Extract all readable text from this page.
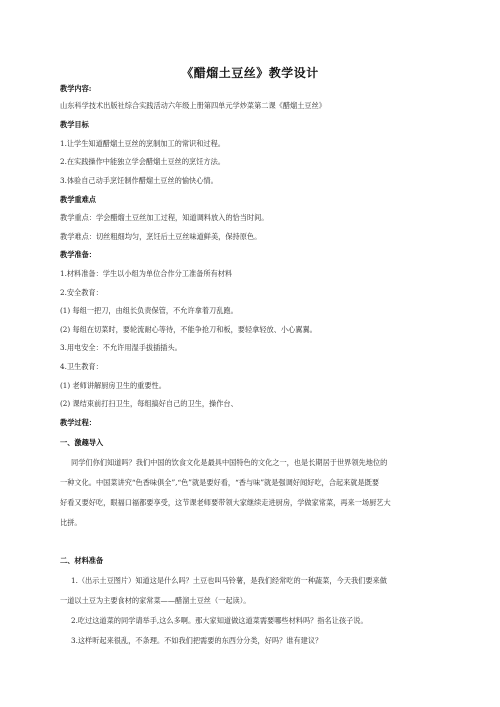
《醋熘土豆丝》教学设计
教学内容:
山东科学技术出版社综合实践活动六年级上册第四单元学炒菜第二课《醋熘土豆丝》
教学目标
1.让学生知道醋熘土豆丝的烹制加工的常识和过程。
2.在实践操作中能独立学会醋熘土豆丝的烹饪方法。
3.体验自己动手烹饪制作醋熘土豆丝的愉快心情。
教学重难点
教学重点：学会醋熘土豆丝加工过程，知道调料放入的恰当时间。
教学难点：切丝粗细均匀，烹饪后土豆丝味道鲜美，保持原色。
教学准备：
1.材料准备：学生以小组为单位合作分工准备所有材料
2.安全教育：
(1) 每组一把刀，由组长负责保管，不允许拿着刀乱跑。
(2) 每组在切菜时，要轮流耐心等待，不能争抢刀和板，要轻拿轻放、小心翼翼。
3.用电安全：不允许用湿手拔插插头。
4.卫生教育：
(1) 老师讲解厨房卫生的重要性。
(2) 课结束前打扫卫生，每组搞好自己的卫生，操作台、
教学过程：
一、激趣导入
同学们你们知道吗？我们中国的饮食文化是最具中国特色的文化之一，也是长期居于世界领先地位的
一种文化。中国菜讲究“色香味俱全”,“色”就是要好看，“香与味”就是强调好闻好吃，合起来就是既要
好看又要好吃，眼福口福都要享受，这节课老师要带领大家继续走进厨房，学做家常菜，再来一场厨艺大
比拼。
二、材料准备
1.（出示土豆图片）知道这是什么吗？土豆也叫马铃薯，是我们经常吃的一种蔬菜，今天我们要来做
一道以土豆为主要食材的家常菜——醋溜土豆丝（一起读）。
2.吃过这道菜的同学请举手,这么多啊。那大家知道做这道菜需要哪些材料吗？指名让孩子说。
3.这样听起来很乱，不条理。不如我们把需要的东西分分类，好吗？谁有建议？
